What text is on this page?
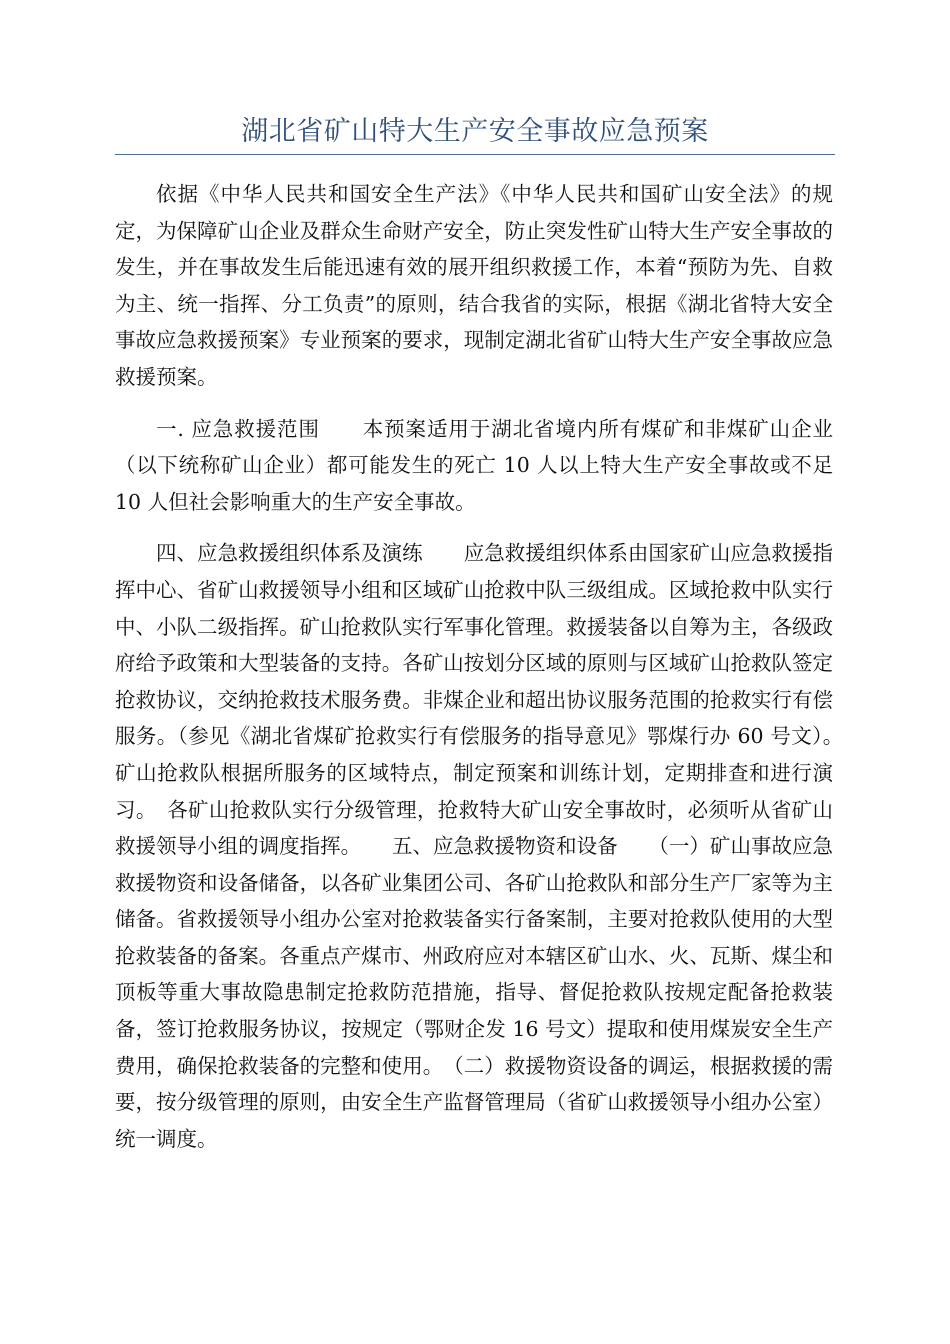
湖北省矿山特大生产安全事故应急预案

依据《中华人民共和国安全生产法》《中华人民共和国矿山安全法》的规定，为保障矿山企业及群众生命财产安全，防止突发性矿山特大生产安全事故的发生，并在事故发生后能迅速有效的展开组织救援工作，本着“预防为先、自救为主、统一指挥、分工负责”的原则，结合我省的实际，根据《湖北省特大安全事故应急救援预案》专业预案的要求，现制定湖北省矿山特大生产安全事故应急救援预案。

一. 应急救援范围　　本预案适用于湖北省境内所有煤矿和非煤矿山企业（以下统称矿山企业）都可能发生的死亡 10 人以上特大生产安全事故或不足 10 人但社会影响重大的生产安全事故。

四、应急救援组织体系及演练　　应急救援组织体系由国家矿山应急救援指挥中心、省矿山救援领导小组和区域矿山抢救中队三级组成。区域抢救中队实行中、小队二级指挥。矿山抢救队实行军事化管理。救援装备以自筹为主，各级政府给予政策和大型装备的支持。各矿山按划分区域的原则与区域矿山抢救队签定抢救协议，交纳抢救技术服务费。非煤企业和超出协议服务范围的抢救实行有偿服务。（参见《湖北省煤矿抢救实行有偿服务的指导意见》鄂煤行办 60 号文）。　矿山抢救队根据所服务的区域特点，制定预案和训练计划，定期排查和进行演习。　各矿山抢救队实行分级管理，抢救特大矿山安全事故时，必须听从省矿山救援领导小组的调度指挥。　　五、应急救援物资和设备　　（一）矿山事故应急救援物资和设备储备，以各矿业集团公司、各矿山抢救队和部分生产厂家等为主储备。省救援领导小组办公室对抢救装备实行备案制，主要对抢救队使用的大型抢救装备的备案。各重点产煤市、州政府应对本辖区矿山水、火、瓦斯、煤尘和顶板等重大事故隐患制定抢救防范措施，指导、督促抢救队按规定配备抢救装备，签订抢救服务协议，按规定（鄂财企发 16 号文）提取和使用煤炭安全生产费用，确保抢救装备的完整和使用。　（二）救援物资设备的调运，根据救援的需要，按分级管理的原则，由安全生产监督管理局（省矿山救援领导小组办公室）统一调度。
